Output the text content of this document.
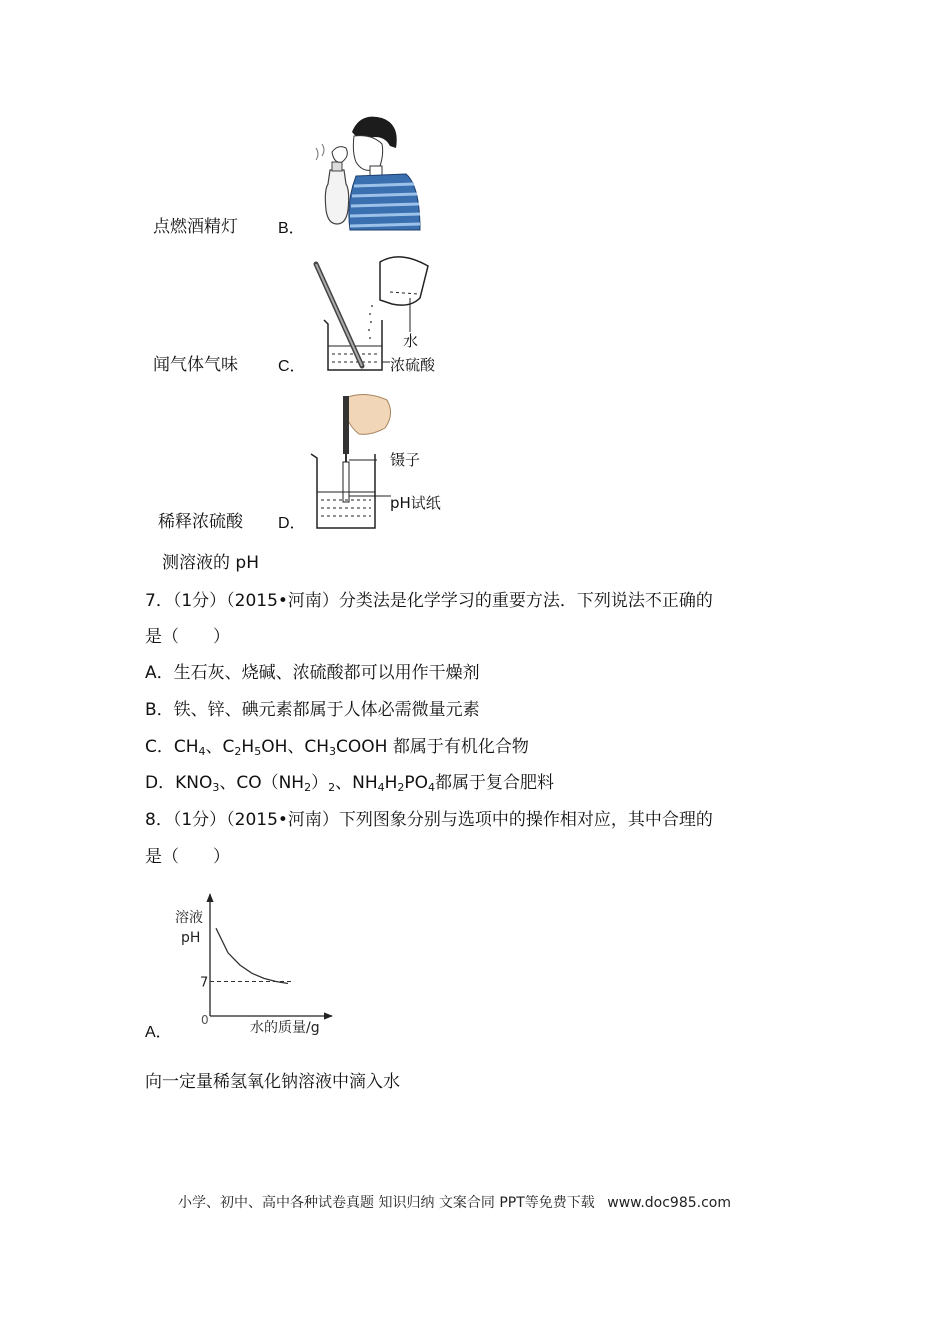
点燃酒精灯	B．
闻气体气味	C．
水
浓硫酸
稀释浓硫酸 D．
镊子
pH试纸
测溶液的 pH
7．（1分）（2015•河南）分类法是化学学习的重要方法．下列说法不正确的
是（　　）
A．生石灰、烧碱、浓硫酸都可以用作干燥剂
B．铁、锌、碘元素都属于人体必需微量元素
C．$CH_4$、$C_2H_5OH$、$CH_3COOH$ 都属于有机化合物
D．$KNO_3$、$CO(NH_2)_2$、$NH_4H_2PO_4$都属于复合肥料
8．（1分）（2015•河南）下列图象分别与选项中的操作相对应，其中合理的
是（　　）
溶液
pH
7
0	水的质量/g
A．
向一定量稀氢氧化钠溶液中滴入水
小学、初中、高中各种试卷真题 知识归纳 文案合同 PPT等免费下载 www.doc985.com
